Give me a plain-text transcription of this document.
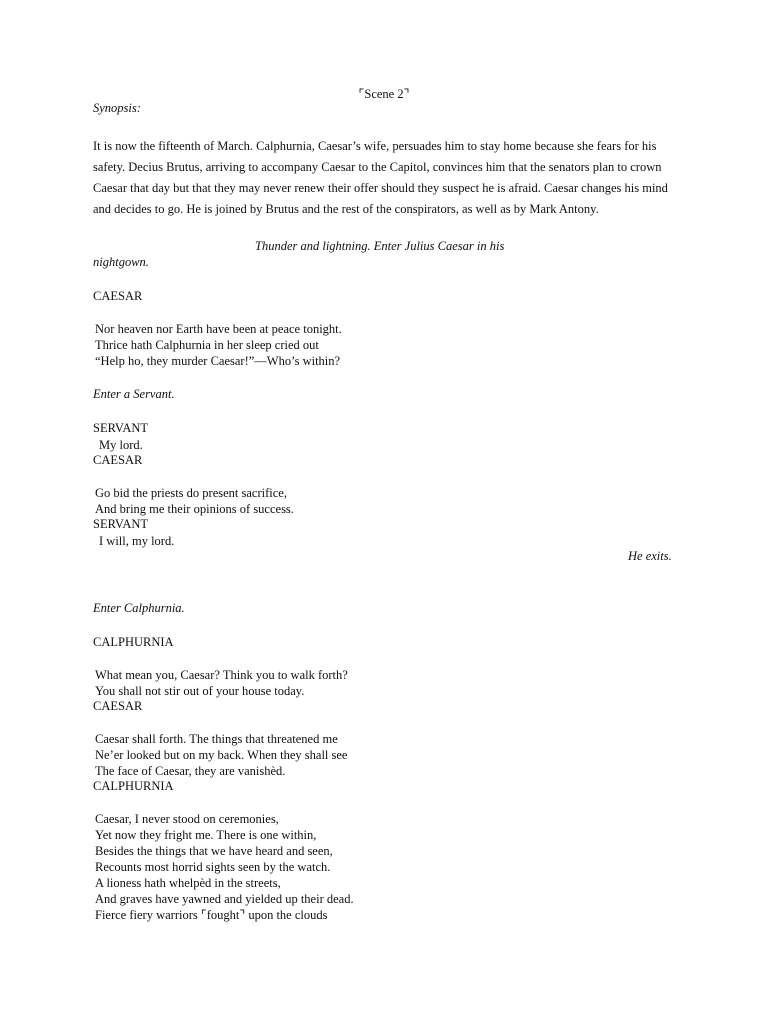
⌜Scene 2⌝
Synopsis:
It is now the fifteenth of March. Calphurnia, Caesar’s wife, persuades him to stay home because she fears for his safety. Decius Brutus, arriving to accompany Caesar to the Capitol, convinces him that the senators plan to crown Caesar that day but that they may never renew their offer should they suspect he is afraid. Caesar changes his mind and decides to go. He is joined by Brutus and the rest of the conspirators, as well as by Mark Antony.
Thunder and lightning. Enter Julius Caesar in his
nightgown.
CAESAR
Nor heaven nor Earth have been at peace tonight.
Thrice hath Calphurnia in her sleep cried out
“Help ho, they murder Caesar!”—Who’s within?
Enter a Servant.
SERVANT
My lord.
CAESAR
Go bid the priests do present sacrifice,
And bring me their opinions of success.
SERVANT
I will, my lord.
He exits.
Enter Calphurnia.
CALPHURNIA
What mean you, Caesar? Think you to walk forth?
You shall not stir out of your house today.
CAESAR
Caesar shall forth. The things that threatened me
Ne’er looked but on my back. When they shall see
The face of Caesar, they are vanishèd.
CALPHURNIA
Caesar, I never stood on ceremonies,
Yet now they fright me. There is one within,
Besides the things that we have heard and seen,
Recounts most horrid sights seen by the watch.
A lioness hath whelpèd in the streets,
And graves have yawned and yielded up their dead.
Fierce fiery warriors ⌜fought⌝ upon the clouds
